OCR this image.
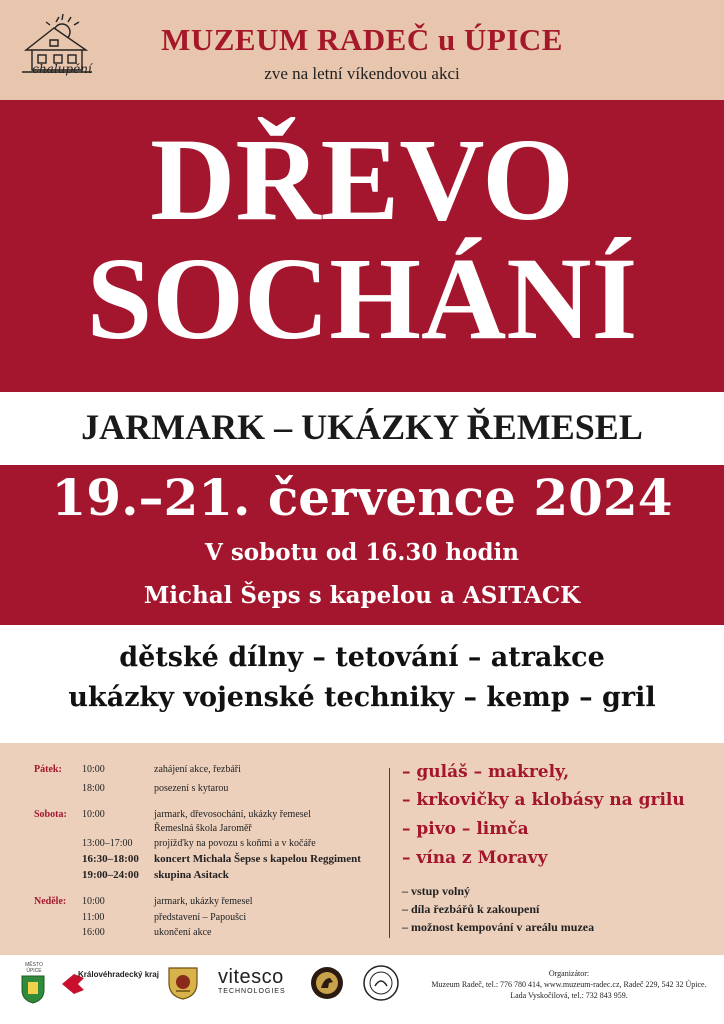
chalupění
MUZEUM RADEČ u ÚPICE
zve na letní víkendovou akci
DŘEVO
SOCHÁNÍ
JARMARK – UKÁZKY ŘEMESEL
19.–21. července 2024
V sobotu od 16.30 hodin
Michal Šeps s kapelou a ASITACK
dětské dílny – tetování – atrakce
ukázky vojenské techniky – kemp – gril
Pátek: 10:00	zahájení akce, řezbáři
18:00	posezení s kytarou
Sobota: 10:00	jarmark, dřevosochání, ukázky řemesel
Řemeslná škola Jaroměř
13:00–17:00 projížďky na povozu s koňmi a v kočáře
16:30–18:00 koncert Michala Šepse s kapelou Reggiment
19:00–24:00 skupina Asitack
Neděle: 10:00	jarmark, ukázky řemesel
11:00	představení – Papoušci
16:00	ukončení akce
– guláš – makrely,
– krkovičky a klobásy na grilu
– pivo – limča
– vína z Moravy
– vstup volný
– díla řezbářů k zakoupení
– možnost kempování v areálu muzea
MĚSTO ÚPICE	Královéhradecký kraj	vitesco
TECHNOLOGIES
Organizátor:
Muzeum Radeč, tel.: 776 780 414, www.muzeum-radec.cz, Radeč 229, 542 32 Úpice.
Lada Vyskočilová, tel.: 732 843 959.
